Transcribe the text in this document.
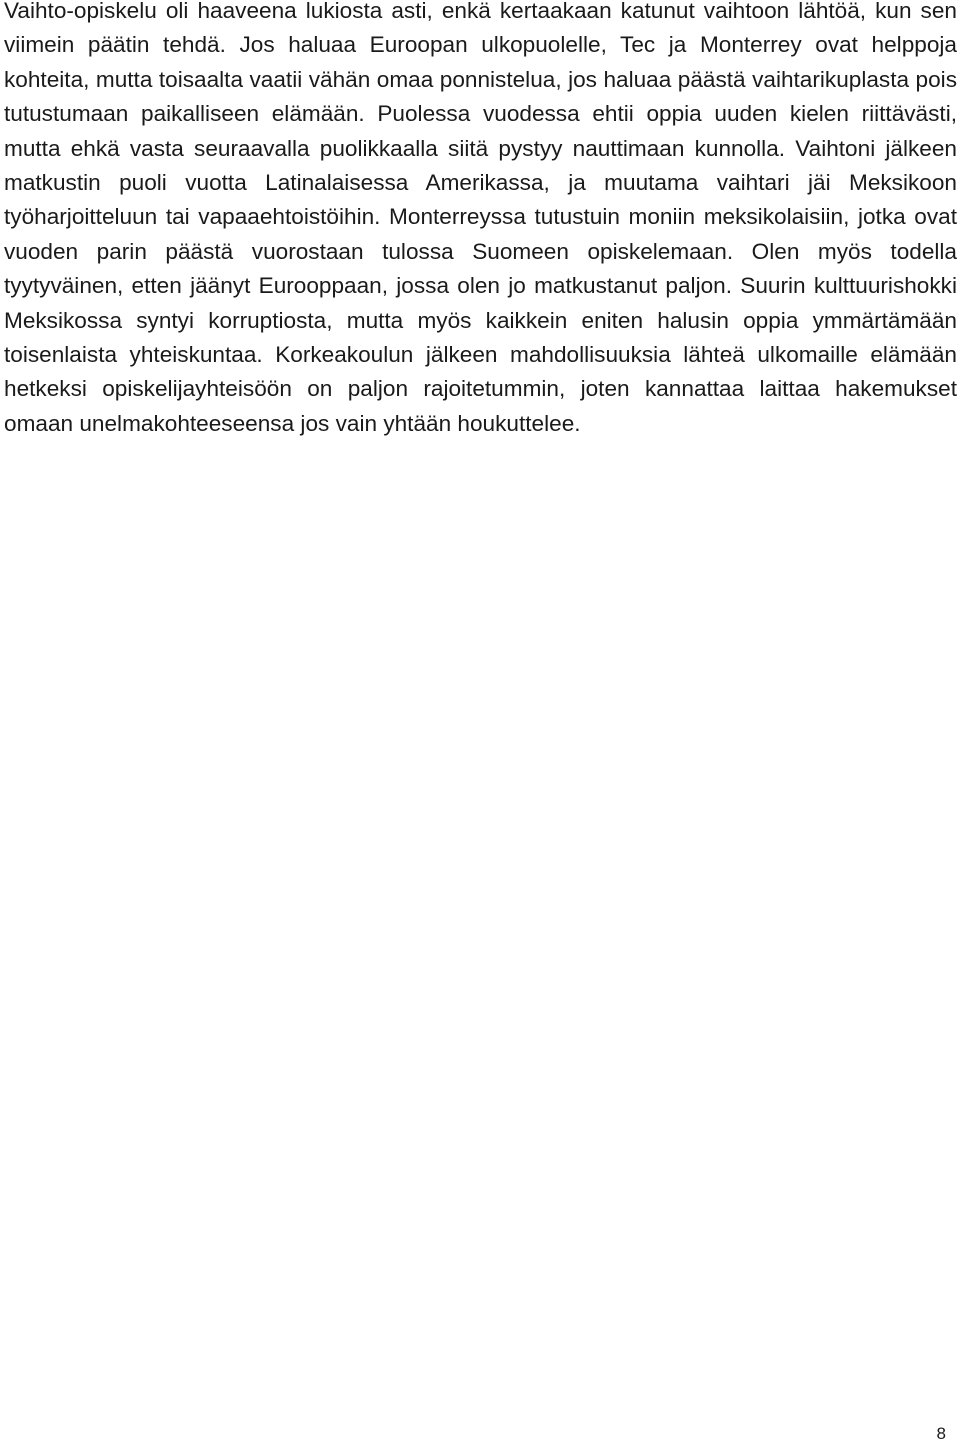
Vaihto-opiskelu oli haaveena lukiosta asti, enkä kertaakaan katunut vaihtoon lähtöä, kun sen viimein päätin tehdä. Jos haluaa Euroopan ulkopuolelle, Tec ja Monterrey ovat helppoja kohteita, mutta toisaalta vaatii vähän omaa ponnistelua, jos haluaa päästä vaihtarikuplasta pois tutustumaan paikalliseen elämään. Puolessa vuodessa ehtii oppia uuden kielen riittävästi, mutta ehkä vasta seuraavalla puolikkaalla siitä pystyy nauttimaan kunnolla. Vaihtoni jälkeen matkustin puoli vuotta Latinalaisessa Amerikassa, ja muutama vaihtari jäi Meksikoon työharjoitteluun tai vapaaehtoistöihin. Monterreyssa tutustuin moniin meksikolaisiin, jotka ovat vuoden parin päästä vuorostaan tulossa Suomeen opiskelemaan. Olen myös todella tyytyväinen, etten jäänyt Eurooppaan, jossa olen jo matkustanut paljon. Suurin kulttuurishokki Meksikossa syntyi korruptiosta, mutta myös kaikkein eniten halusin oppia ymmärtämään toisenlaista yhteiskuntaa. Korkeakoulun jälkeen mahdollisuuksia lähteä ulkomaille elämään hetkeksi opiskelijayhteisöön on paljon rajoitetummin, joten kannattaa laittaa hakemukset omaan unelmakohteeseensa jos vain yhtään houkuttelee.

8
